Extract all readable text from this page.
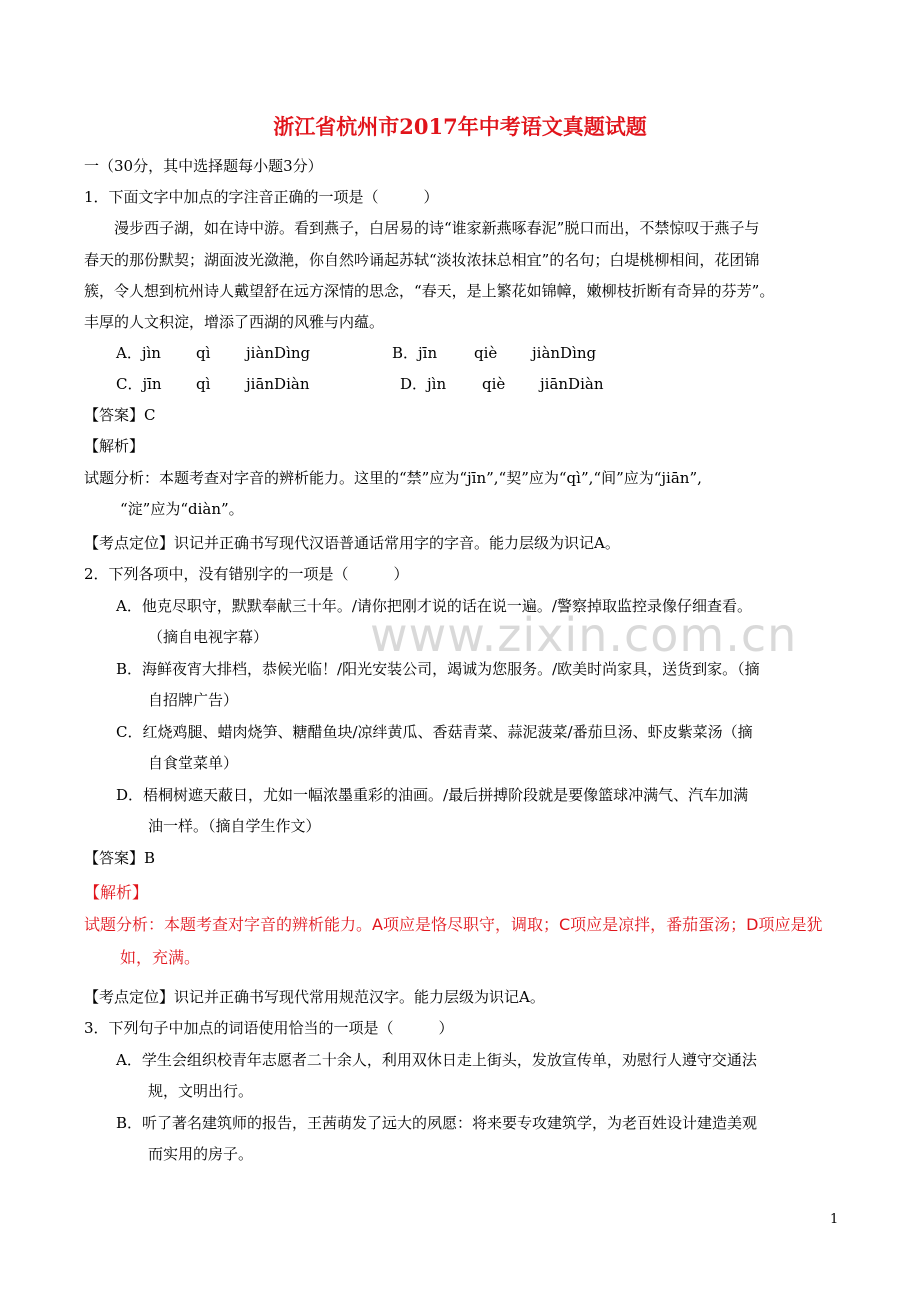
浙江省杭州市2017年中考语文真题试题
一（30分，其中选择题每小题3分）
1．下面文字中加点的字注音正确的一项是（　　　）
漫步西子湖，如在诗中游。看到燕子，白居易的诗“谁家新燕啄春泥”脱口而出，不禁惊叹于燕子与
春天的那份默契；湖面波光潋滟，你自然吟诵起苏轼“淡妆浓抹总相宜”的名句；白堤桃柳相间，花团锦
簇，令人想到杭州诗人戴望舒在远方深情的思念，“春天，是上繁花如锦幛，嫩柳枝折断有奇异的芬芳”。
丰厚的人文积淀，增添了西湖的风雅与内蕴。
A．jìn qì jiànDìng	B．jīn qiè jiànDìng
C．jīn qì jiānDiàn	D．jìn qiè jiānDiàn
【答案】C
【解析】
试题分析：本题考查对字音的辨析能力。这里的“禁”应为“jīn”,“契”应为“qì”,“间”应为“jiān”,
“淀”应为“diàn”。
【考点定位】识记并正确书写现代汉语普通话常用字的字音。能力层级为识记A。
2．下列各项中，没有错别字的一项是（　　　）
A．他克尽职守，默默奉献三十年。/请你把刚才说的话在说一遍。/警察掉取监控录像仔细查看。
（摘自电视字幕）
B．海鲜夜宵大排档，恭候光临！/阳光安装公司，竭诚为您服务。/欧美时尚家具，送货到家。（摘
自招牌广告）
C．红烧鸡腿、蜡肉烧笋、糖醋鱼块/凉绊黄瓜、香菇青菜、蒜泥菠菜/番茄旦汤、虾皮紫菜汤（摘
自食堂菜单）
D．梧桐树遮天蔽日，尤如一幅浓墨重彩的油画。/最后拼搏阶段就是要像篮球冲满气、汽车加满
油一样。（摘自学生作文）
【答案】B
【解析】
试题分析：本题考查对字音的辨析能力。A项应是恪尽职守，调取；C项应是凉拌，番茄蛋汤；D项应是犹
如，充满。
【考点定位】识记并正确书写现代常用规范汉字。能力层级为识记A。
3．下列句子中加点的词语使用恰当的一项是（　　　）
A．学生会组织校青年志愿者二十余人，利用双休日走上街头，发放宣传单，劝慰行人遵守交通法
规，文明出行。
B．听了著名建筑师的报告，王茜萌发了远大的夙愿：将来要专攻建筑学，为老百姓设计建造美观
而实用的房子。
www.zixin.com.cn
1
